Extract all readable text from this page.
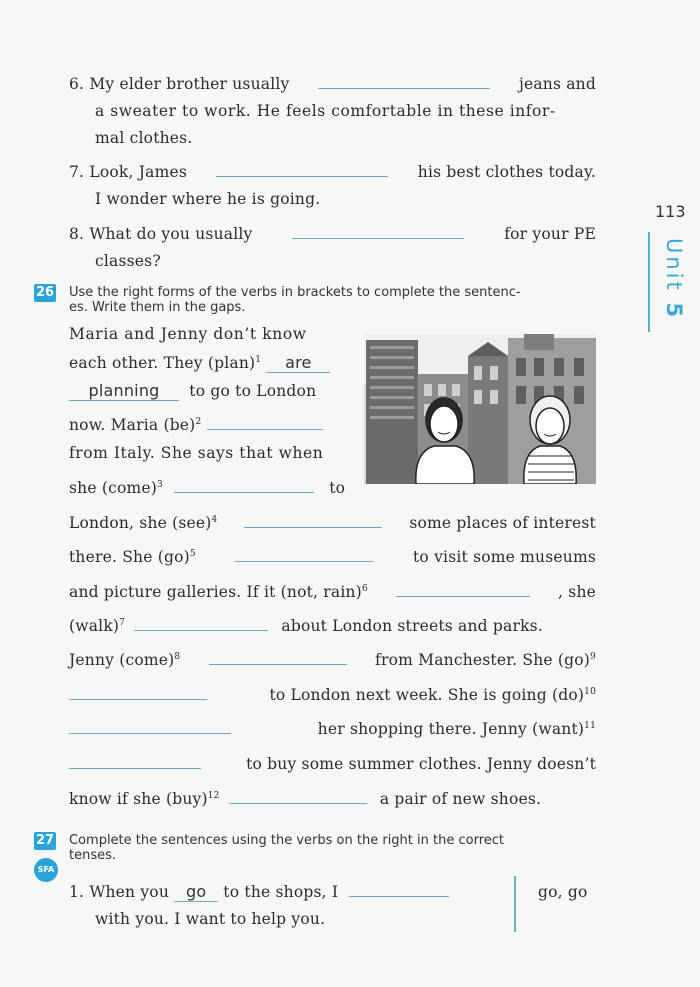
113
Unit 5
6. My elder brother usually	jeans and
a sweater to work. He feels comfortable in these infor-
mal clothes.
7. Look, James	his best clothes today.
I wonder where he is going.
8. What do you usually	for your PE
classes?
26 Use the right forms of the verbs in brackets to complete the sentenc-
es. Write them in the gaps.
Maria and Jenny don’t know
each other. They (plan)$^1$ are
planning to go to London
now. Maria (be)$^2$
from Italy. She says that when
she (come)$^3$	to
London, she (see)$^4$	some places of interest
there. She (go)$^5$	to visit some museums
and picture galleries. If it (not, rain)$^6$	, she
(walk)$^7$	about London streets and parks.
Jenny (come)$^8$	from Manchester. She (go)$^9$
to London next week. She is going (do)$^{10}$
her shopping there. Jenny (want)$^{11}$
to buy some summer clothes. Jenny doesn’t
know if she (buy)$^{12}$	a pair of new shoes.
27
SFA
Complete the sentences using the verbs on the right in the correct
tenses.
1. When you go to the shops, I
with you. I want to help you.
go, go
